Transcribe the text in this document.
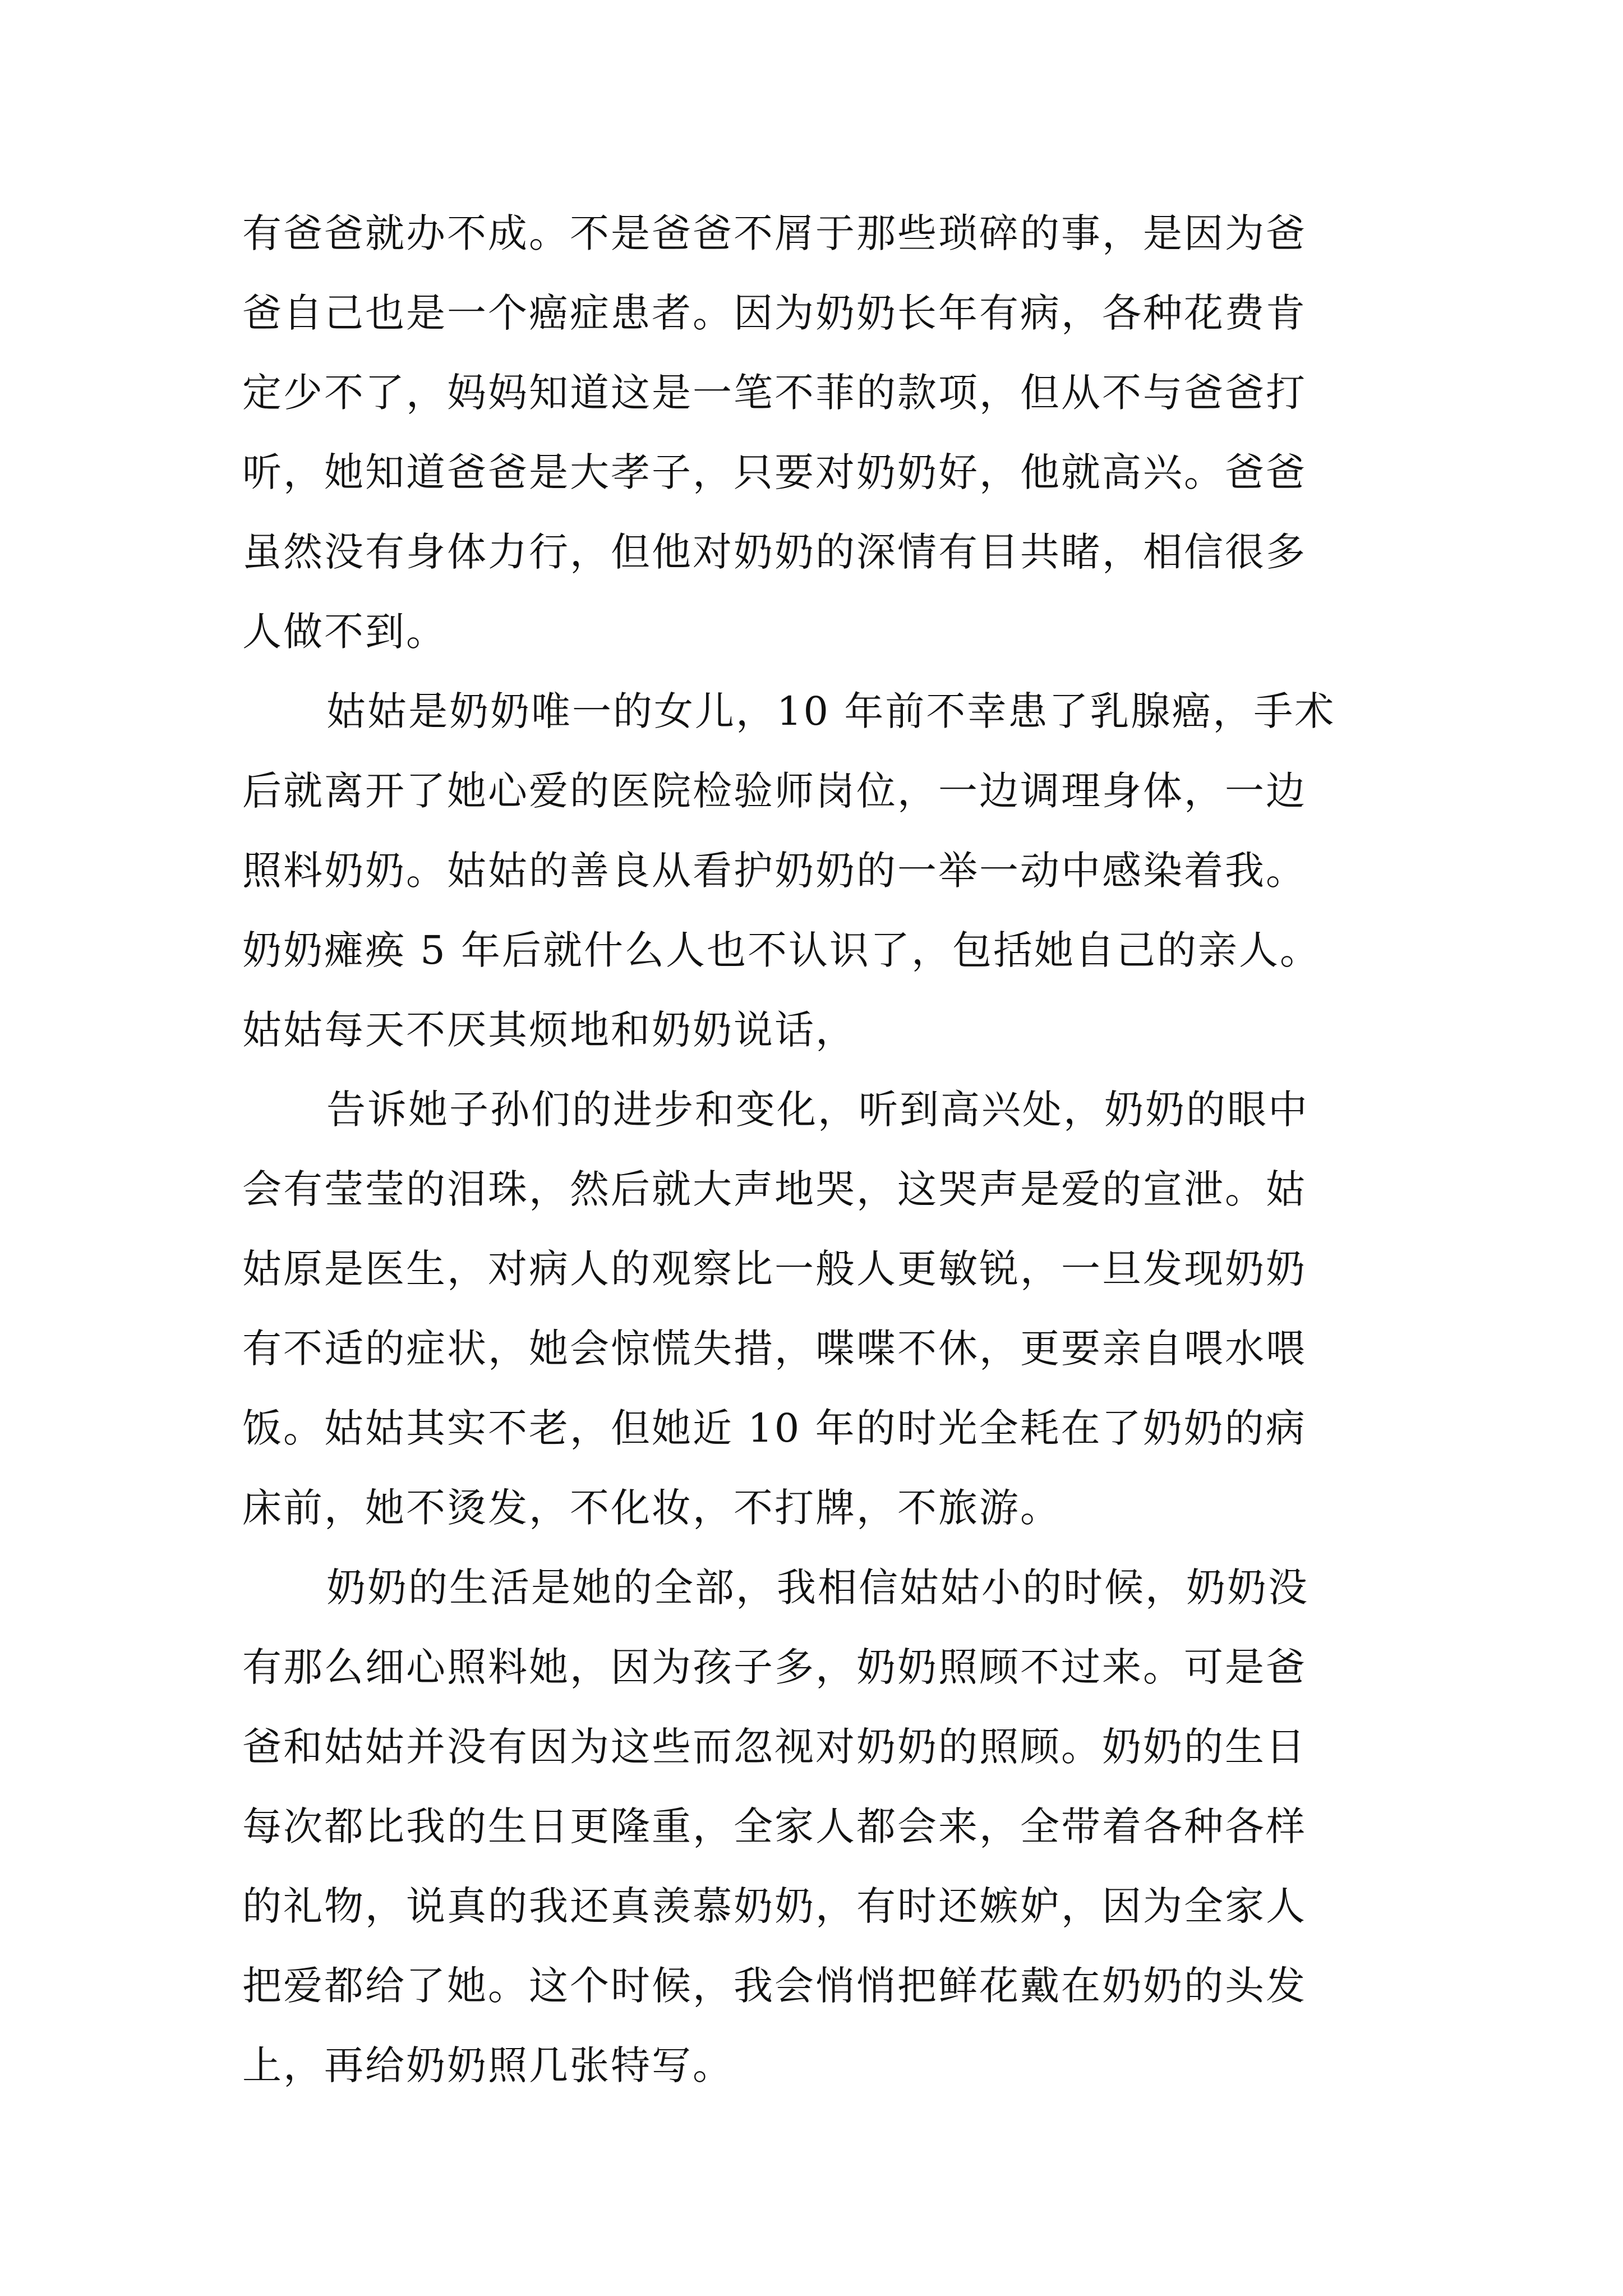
有爸爸就办不成。不是爸爸不屑于那些琐碎的事，是因为爸
爸自己也是一个癌症患者。因为奶奶长年有病，各种花费肯
定少不了，妈妈知道这是一笔不菲的款项，但从不与爸爸打
听，她知道爸爸是大孝子，只要对奶奶好，他就高兴。爸爸
虽然没有身体力行，但他对奶奶的深情有目共睹，相信很多
人做不到。
姑姑是奶奶唯一的女儿，10 年前不幸患了乳腺癌，手术
后就离开了她心爱的医院检验师岗位，一边调理身体，一边
照料奶奶。姑姑的善良从看护奶奶的一举一动中感染着我。
奶奶瘫痪 5 年后就什么人也不认识了，包括她自己的亲人。
姑姑每天不厌其烦地和奶奶说话，
告诉她子孙们的进步和变化，听到高兴处，奶奶的眼中
会有莹莹的泪珠，然后就大声地哭，这哭声是爱的宣泄。姑
姑原是医生，对病人的观察比一般人更敏锐，一旦发现奶奶
有不适的症状，她会惊慌失措，喋喋不休，更要亲自喂水喂
饭。姑姑其实不老，但她近 10 年的时光全耗在了奶奶的病
床前，她不烫发，不化妆，不打牌，不旅游。
奶奶的生活是她的全部，我相信姑姑小的时候，奶奶没
有那么细心照料她，因为孩子多，奶奶照顾不过来。可是爸
爸和姑姑并没有因为这些而忽视对奶奶的照顾。奶奶的生日
每次都比我的生日更隆重，全家人都会来，全带着各种各样
的礼物，说真的我还真羡慕奶奶，有时还嫉妒，因为全家人
把爱都给了她。这个时候，我会悄悄把鲜花戴在奶奶的头发
上，再给奶奶照几张特写。
